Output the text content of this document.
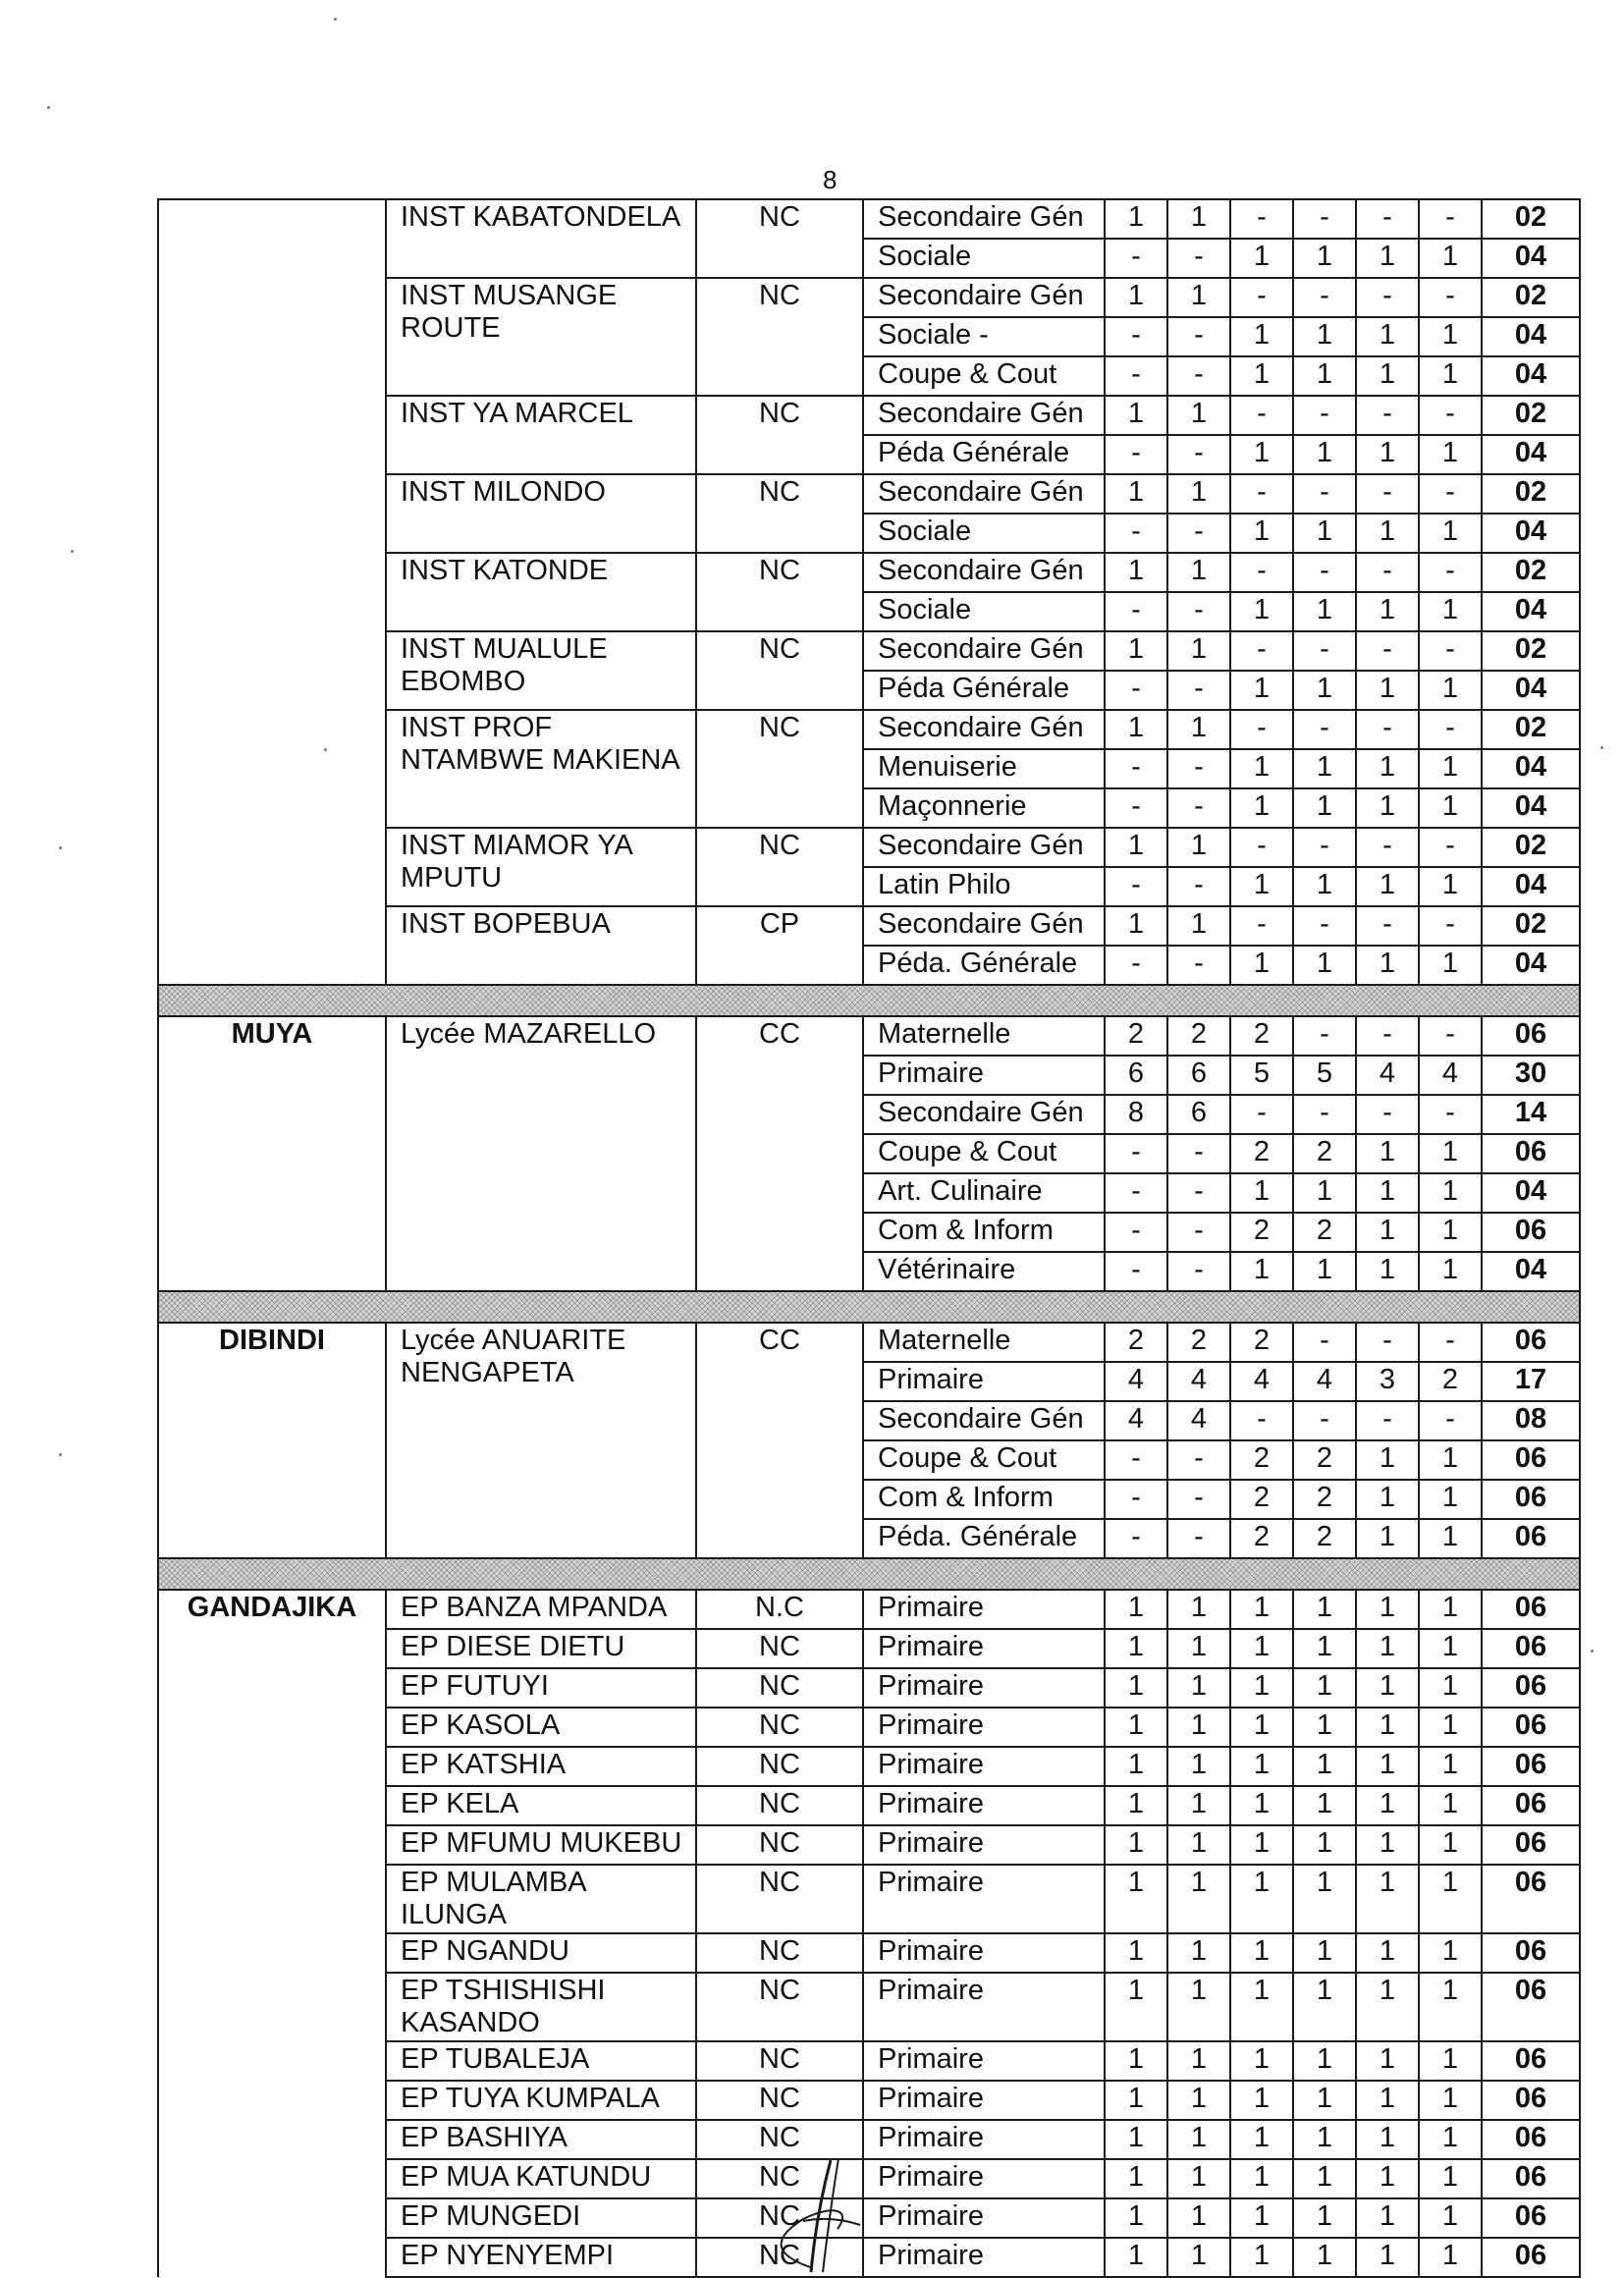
8
	INST KABATONDELA	NC	Secondaire Gén	1	1	-	-	-	-	02
			Sociale	-	-	1	1	1	1	04
	INST MUSANGE ROUTE	NC	Secondaire Gén	1	1	-	-	-	-	02
			Sociale -	-	-	1	1	1	1	04
			Coupe & Cout	-	-	1	1	1	1	04
	INST YA MARCEL	NC	Secondaire Gén	1	1	-	-	-	-	02
			Péda Générale	-	-	1	1	1	1	04
	INST MILONDO	NC	Secondaire Gén	1	1	-	-	-	-	02
			Sociale	-	-	1	1	1	1	04
	INST KATONDE	NC	Secondaire Gén	1	1	-	-	-	-	02
			Sociale	-	-	1	1	1	1	04
	INST MUALULE EBOMBO	NC	Secondaire Gén	1	1	-	-	-	-	02
			Péda Générale	-	-	1	1	1	1	04
	INST PROF NTAMBWE MAKIENA	NC	Secondaire Gén	1	1	-	-	-	-	02
			Menuiserie	-	-	1	1	1	1	04
			Maçonnerie	-	-	1	1	1	1	04
	INST MIAMOR YA MPUTU	NC	Secondaire Gén	1	1	-	-	-	-	02
			Latin Philo	-	-	1	1	1	1	04
	INST BOPEBUA	CP	Secondaire Gén	1	1	-	-	-	-	02
			Péda. Générale	-	-	1	1	1	1	04

MUYA	Lycée MAZARELLO	CC	Maternelle	2	2	2	-	-	-	06
			Primaire	6	6	5	5	4	4	30
			Secondaire Gén	8	6	-	-	-	-	14
			Coupe & Cout	-	-	2	2	1	1	06
			Art. Culinaire	-	-	1	1	1	1	04
			Com & Inform	-	-	2	2	1	1	06
			Vétérinaire	-	-	1	1	1	1	04

DIBINDI	Lycée ANUARITE NENGAPETA	CC	Maternelle	2	2	2	-	-	-	06
			Primaire	4	4	4	4	3	2	17
			Secondaire Gén	4	4	-	-	-	-	08
			Coupe & Cout	-	-	2	2	1	1	06
			Com & Inform	-	-	2	2	1	1	06
			Péda. Générale	-	-	2	2	1	1	06

GANDAJIKA	EP BANZA MPANDA	N.C	Primaire	1	1	1	1	1	1	06
	EP DIESE DIETU	NC	Primaire	1	1	1	1	1	1	06
	EP FUTUYI	NC	Primaire	1	1	1	1	1	1	06
	EP KASOLA	NC	Primaire	1	1	1	1	1	1	06
	EP KATSHIA	NC	Primaire	1	1	1	1	1	1	06
	EP KELA	NC	Primaire	1	1	1	1	1	1	06
	EP MFUMU MUKEBU	NC	Primaire	1	1	1	1	1	1	06
	EP MULAMBA ILUNGA	NC	Primaire	1	1	1	1	1	1	06
	EP NGANDU	NC	Primaire	1	1	1	1	1	1	06
	EP TSHISHISHI KASANDO	NC	Primaire	1	1	1	1	1	1	06
	EP TUBALEJA	NC	Primaire	1	1	1	1	1	1	06
	EP TUYA KUMPALA	NC	Primaire	1	1	1	1	1	1	06
	EP BASHIYA	NC	Primaire	1	1	1	1	1	1	06
	EP MUA KATUNDU	NC	Primaire	1	1	1	1	1	1	06
	EP MUNGEDI	NC	Primaire	1	1	1	1	1	1	06
	EP NYENYEMPI	NC	Primaire	1	1	1	1	1	1	06
